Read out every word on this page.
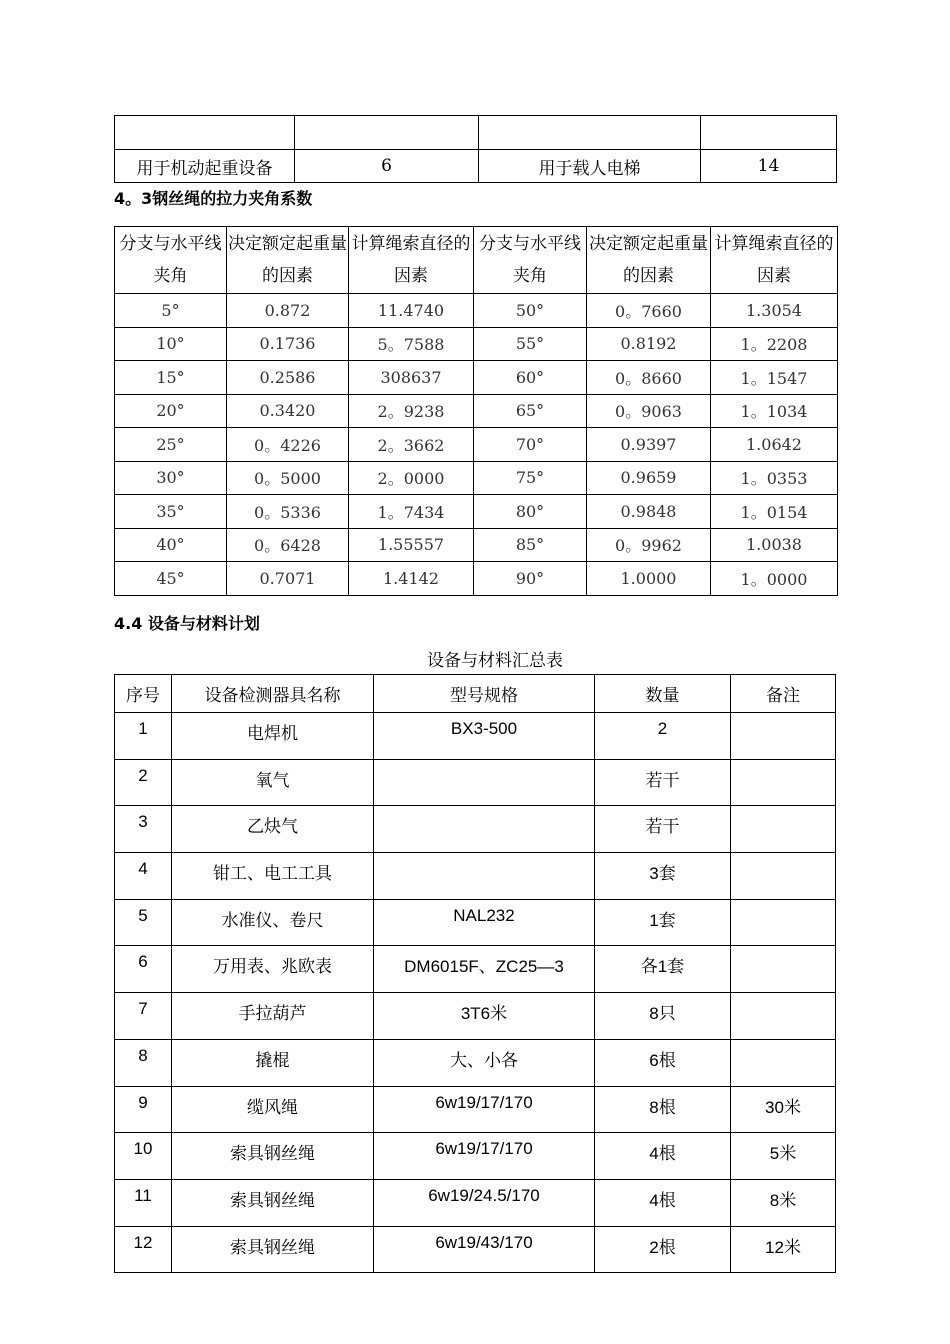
用于机动起重设备	6	用于载人电梯	14
4。3钢丝绳的拉力夹角系数
分支与水平线夹角	决定额定起重量的因素	计算绳索直径的因素	分支与水平线夹角	决定额定起重量的因素	计算绳索直径的因素
5°	0.872	11.4740	50°	0。7660	1.3054
10°	0.1736	5。7588	55°	0.8192	1。2208
15°	0.2586	308637	60°	0。8660	1。1547
20°	0.3420	2。9238	65°	0。9063	1。1034
25°	0。4226	2。3662	70°	0.9397	1.0642
30°	0。5000	2。0000	75°	0.9659	1。0353
35°	0。5336	1。7434	80°	0.9848	1。0154
40°	0。6428	1.55557	85°	0。9962	1.0038
45°	0.7071	1.4142	90°	1.0000	1。0000
4.4 设备与材料计划
设备与材料汇总表
序号	设备检测器具名称	型号规格	数量	备注
1	电焊机	BX3-500	2	
2	氧气		若干	
3	乙炔气		若干	
4	钳工、电工工具		3套	
5	水准仪、卷尺	NAL232	1套	
6	万用表、兆欧表	DM6015F、ZC25—3	各1套	
7	手拉葫芦	3T6米	8只	
8	撬棍	大、小各	6根	
9	缆风绳	6w19/17/170	8根	30米
10	索具钢丝绳	6w19/17/170	4根	5米
11	索具钢丝绳	6w19/24.5/170	4根	8米
12	索具钢丝绳	6w19/43/170	2根	12米
